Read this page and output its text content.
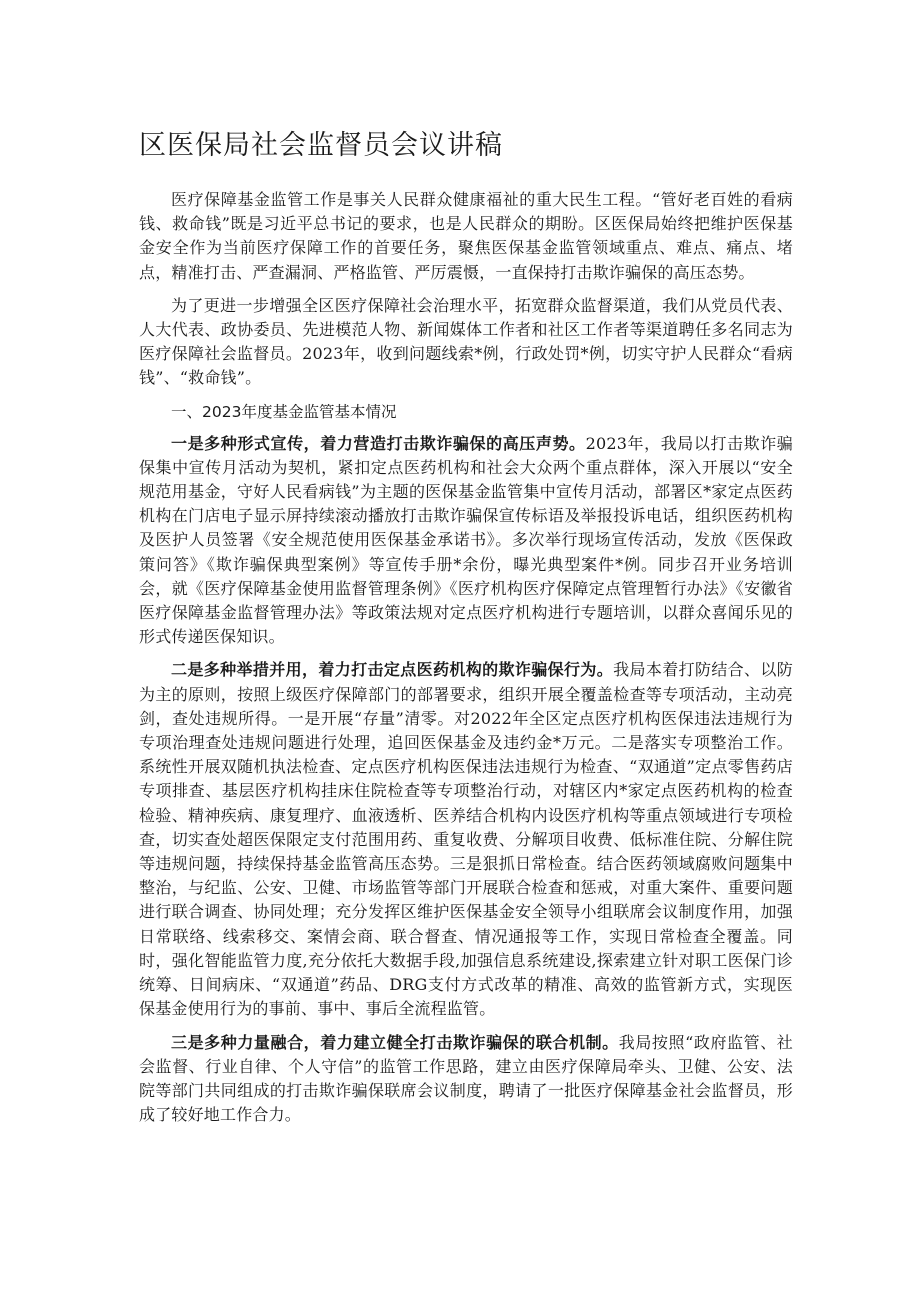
区医保局社会监督员会议讲稿

医疗保障基金监管工作是事关人民群众健康福祉的重大民生工程。“管好老百姓的看病钱、救命钱”既是习近平总书记的要求，也是人民群众的期盼。区医保局始终把维护医保基金安全作为当前医疗保障工作的首要任务，聚焦医保基金监管领域重点、难点、痛点、堵点，精准打击、严查漏洞、严格监管、严厉震慑，一直保持打击欺诈骗保的高压态势。

为了更进一步增强全区医疗保障社会治理水平，拓宽群众监督渠道，我们从党员代表、人大代表、政协委员、先进模范人物、新闻媒体工作者和社区工作者等渠道聘任多名同志为医疗保障社会监督员。2023年，收到问题线索*例，行政处罚*例，切实守护人民群众“看病钱”、“救命钱”。

一、2023年度基金监管基本情况

一是多种形式宣传，着力营造打击欺诈骗保的高压声势。2023年，我局以打击欺诈骗保集中宣传月活动为契机，紧扣定点医药机构和社会大众两个重点群体，深入开展以“安全规范用基金，守好人民看病钱”为主题的医保基金监管集中宣传月活动，部署区*家定点医药机构在门店电子显示屏持续滚动播放打击欺诈骗保宣传标语及举报投诉电话，组织医药机构及医护人员签署《安全规范使用医保基金承诺书》。多次举行现场宣传活动，发放《医保政策问答》《欺诈骗保典型案例》等宣传手册*余份，曝光典型案件*例。同步召开业务培训会，就《医疗保障基金使用监督管理条例》《医疗机构医疗保障定点管理暂行办法》《安徽省医疗保障基金监督管理办法》等政策法规对定点医疗机构进行专题培训，以群众喜闻乐见的形式传递医保知识。

二是多种举措并用，着力打击定点医药机构的欺诈骗保行为。我局本着打防结合、以防为主的原则，按照上级医疗保障部门的部署要求，组织开展全覆盖检查等专项活动，主动亮剑，查处违规所得。一是开展“存量”清零。对2022年全区定点医疗机构医保违法违规行为专项治理查处违规问题进行处理，追回医保基金及违约金*万元。二是落实专项整治工作。系统性开展双随机执法检查、定点医疗机构医保违法违规行为检查、“双通道”定点零售药店专项排查、基层医疗机构挂床住院检查等专项整治行动，对辖区内*家定点医药机构的检查检验、精神疾病、康复理疗、血液透析、医养结合机构内设医疗机构等重点领域进行专项检查，切实查处超医保限定支付范围用药、重复收费、分解项目收费、低标准住院、分解住院等违规问题，持续保持基金监管高压态势。三是狠抓日常检查。结合医药领域腐败问题集中整治，与纪监、公安、卫健、市场监管等部门开展联合检查和惩戒，对重大案件、重要问题进行联合调查、协同处理；充分发挥区维护医保基金安全领导小组联席会议制度作用，加强日常联络、线索移交、案情会商、联合督查、情况通报等工作，实现日常检查全覆盖。同时，强化智能监管力度,充分依托大数据手段,加强信息系统建设,探索建立针对职工医保门诊统筹、日间病床、“双通道”药品、DRG支付方式改革的精准、高效的监管新方式，实现医保基金使用行为的事前、事中、事后全流程监管。

三是多种力量融合，着力建立健全打击欺诈骗保的联合机制。我局按照“政府监管、社会监督、行业自律、个人守信”的监管工作思路，建立由医疗保障局牵头、卫健、公安、法院等部门共同组成的打击欺诈骗保联席会议制度，聘请了一批医疗保障基金社会监督员，形成了较好地工作合力。
